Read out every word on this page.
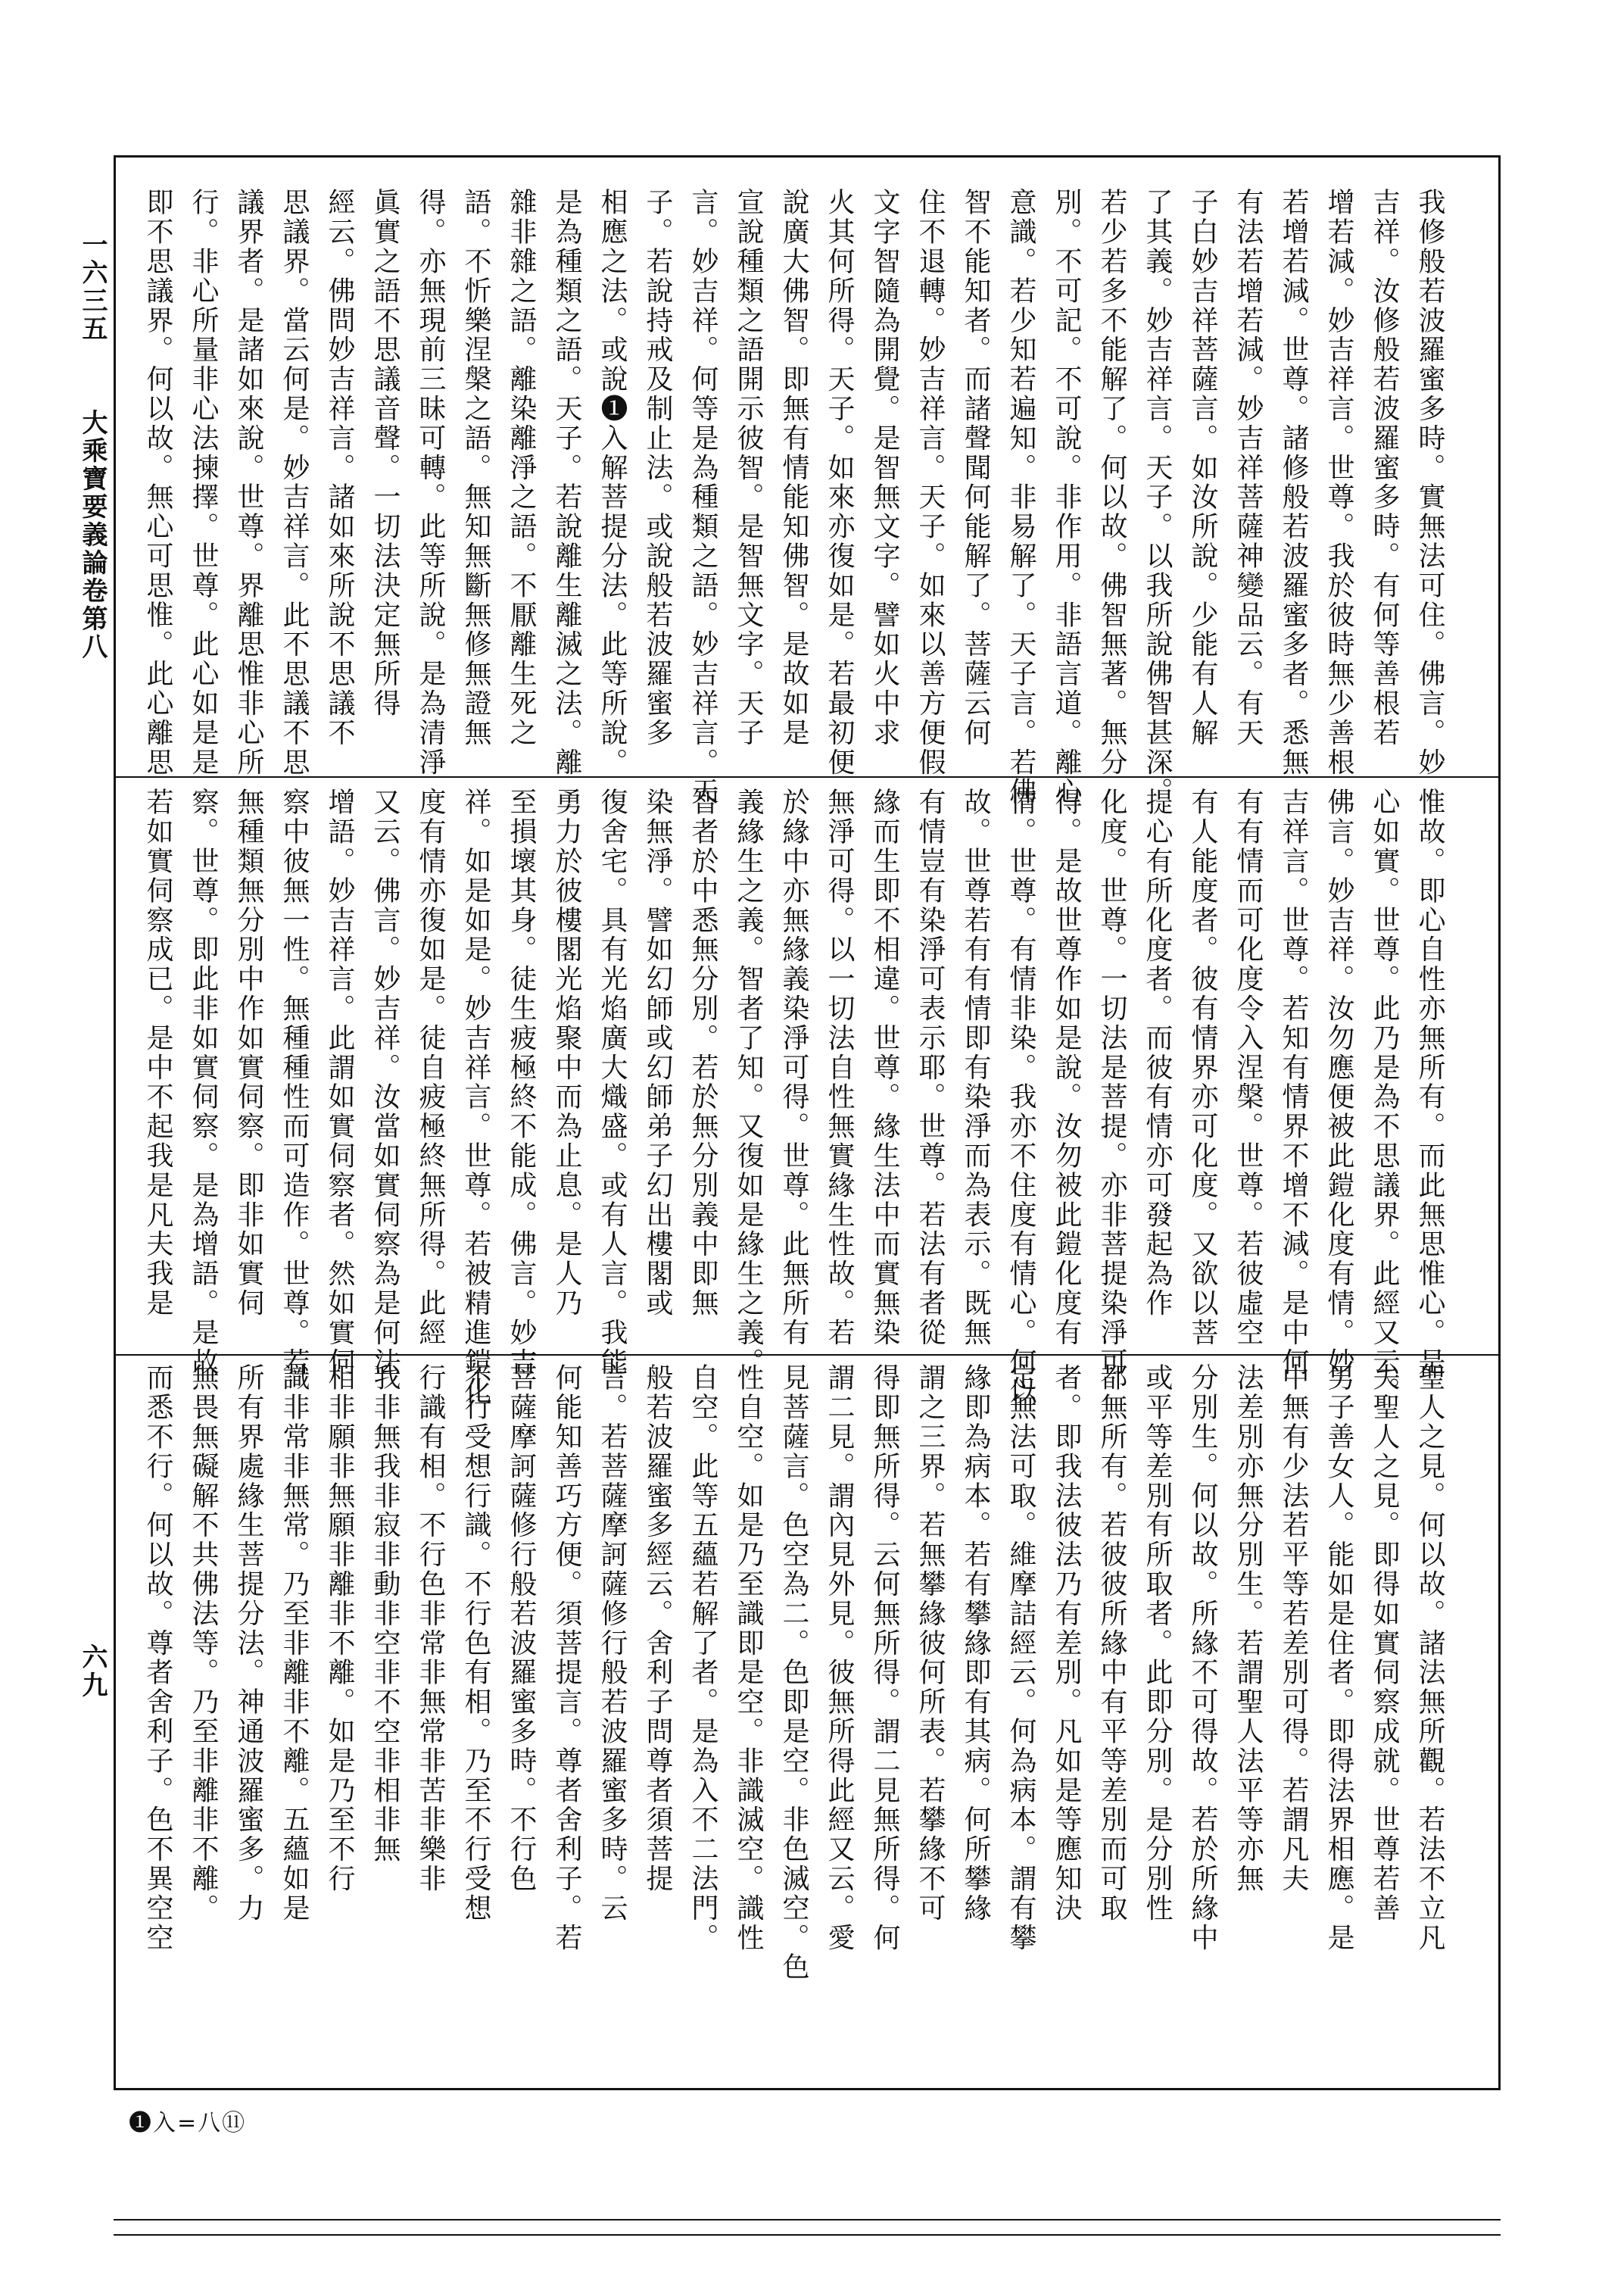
一六三五
大乘寶要義論卷第八
六九
我修般若波羅蜜多時。實無法可住。佛言。妙
吉祥。汝修般若波羅蜜多時。有何等善根若
增若減。妙吉祥言。世尊。我於彼時無少善根
若增若減。世尊。諸修般若波羅蜜多者。悉無
有法若增若減。妙吉祥菩薩神變品云。有天
子白妙吉祥菩薩言。如汝所說。少能有人解
了其義。妙吉祥言。天子。以我所說佛智甚深。
若少若多不能解了。何以故。佛智無著。無分
別。不可記。不可說。非作用。非語言道。離心
意識。若少知若遍知。非易解了。天子言。若佛
智不能知者。而諸聲聞何能解了。菩薩云何
住不退轉。妙吉祥言。天子。如來以善方便假
文字智隨為開覺。是智無文字。譬如火中求
火其何所得。天子。如來亦復如是。若最初便
說廣大佛智。即無有情能知佛智。是故如是
宣說種類之語開示彼智。是智無文字。天子
言。妙吉祥。何等是為種類之語。妙吉祥言。天
子。若說持戒及制止法。或說般若波羅蜜多
相應之法。或說❶入解菩提分法。此等所說。
是為種類之語。天子。若說離生離滅之法。離
雜非雜之語。離染離淨之語。不厭離生死之
語。不忻樂涅槃之語。無知無斷無修無證無
得。亦無現前三昧可轉。此等所說。是為清淨
眞實之語不思議音聲。一切法決定無所得
經云。佛問妙吉祥言。諸如來所說不思議不
思議界。當云何是。妙吉祥言。此不思議不思
議界者。是諸如來說。世尊。界離思惟非心所
行。非心所量非心法揀擇。世尊。此心如是是
即不思議界。何以故。無心可思惟。此心離思
惟故。即心自性亦無所有。而此無思惟心。是
心如實。世尊。此乃是為不思議界。此經又云。
佛言。妙吉祥。汝勿應便被此鎧化度有情。妙
吉祥言。世尊。若知有情界不增不減。是中何
有有情而可化度令入涅槃。世尊。若彼虛空
有人能度者。彼有情界亦可化度。又欲以菩
提心有所化度者。而彼有情亦可發起為作
化度。世尊。一切法是菩提。亦非菩提染淨可
得。是故世尊作如是說。汝勿被此鎧化度有
情。世尊。有情非染。我亦不住度有情心。何以
故。世尊若有有情即有染淨而為表示。既無
有情豈有染淨可表示耶。世尊。若法有者從
緣而生即不相違。世尊。緣生法中而實無染
無淨可得。以一切法自性無實緣生性故。若
於緣中亦無緣義染淨可得。世尊。此無所有
義緣生之義。智者了知。又復如是緣生之義。
智者於中悉無分別。若於無分別義中即無
染無淨。譬如幻師或幻師弟子幻出樓閣或
復舍宅。具有光焰廣大熾盛。或有人言。我能
勇力於彼樓閣光焰聚中而為止息。是人乃
至損壞其身。徒生疲極終不能成。佛言。妙吉
祥。如是如是。妙吉祥言。世尊。若被精進鎧化
度有情亦復如是。徒自疲極終無所得。此經
又云。佛言。妙吉祥。汝當如實伺察為是何法
增語。妙吉祥言。此謂如實伺察者。然如實伺
察中彼無一性。無種種性而可造作。世尊。若
無種類無分別中作如實伺察。即非如實伺
察。世尊。即此非如實伺察。是為增語。是故
若如實伺察成已。是中不起我是凡夫我是
聖人之見。何以故。諸法無所觀。若法不立凡
夫聖人之見。即得如實伺察成就。世尊若善
男子善女人。能如是住者。即得法界相應。是
中無有少法若平等若差別可得。若謂凡夫
法差別亦無分別生。若謂聖人法平等亦無
分別生。何以故。所緣不可得故。若於所緣中
或平等差別有所取者。此即分別。是分別性
都無所有。若彼彼所緣中有平等差別而可取
者。即我法彼法乃有差別。凡如是等應知決
定無法可取。維摩詰經云。何為病本。謂有攀
緣即為病本。若有攀緣即有其病。何所攀緣
謂之三界。若無攀緣彼何所表。若攀緣不可
得即無所得。云何無所得。謂二見無所得。何
謂二見。謂內見外見。彼無所得此經又云。愛
見菩薩言。色空為二。色即是空。非色滅空。色
性自空。如是乃至識即是空。非識滅空。識性
自空。此等五蘊若解了者。是為入不二法門。
般若波羅蜜多經云。舍利子問尊者須菩提
言。若菩薩摩訶薩修行般若波羅蜜多時。云
何能知善巧方便。須菩提言。尊者舍利子。若
菩薩摩訶薩修行般若波羅蜜多時。不行色
不行受想行識。不行色有相。乃至不行受想
行識有相。不行色非常非無常非苦非樂非
我非無我非寂非動非空非不空非相非無
相非願非無願非離非不離。如是乃至不行
識非常非無常。乃至非離非不離。五蘊如是
所有界處緣生菩提分法。神通波羅蜜多。力
無畏無礙解不共佛法等。乃至非離非不離。
而悉不行。何以故。尊者舍利子。色不異空空
❶入=八⑪
